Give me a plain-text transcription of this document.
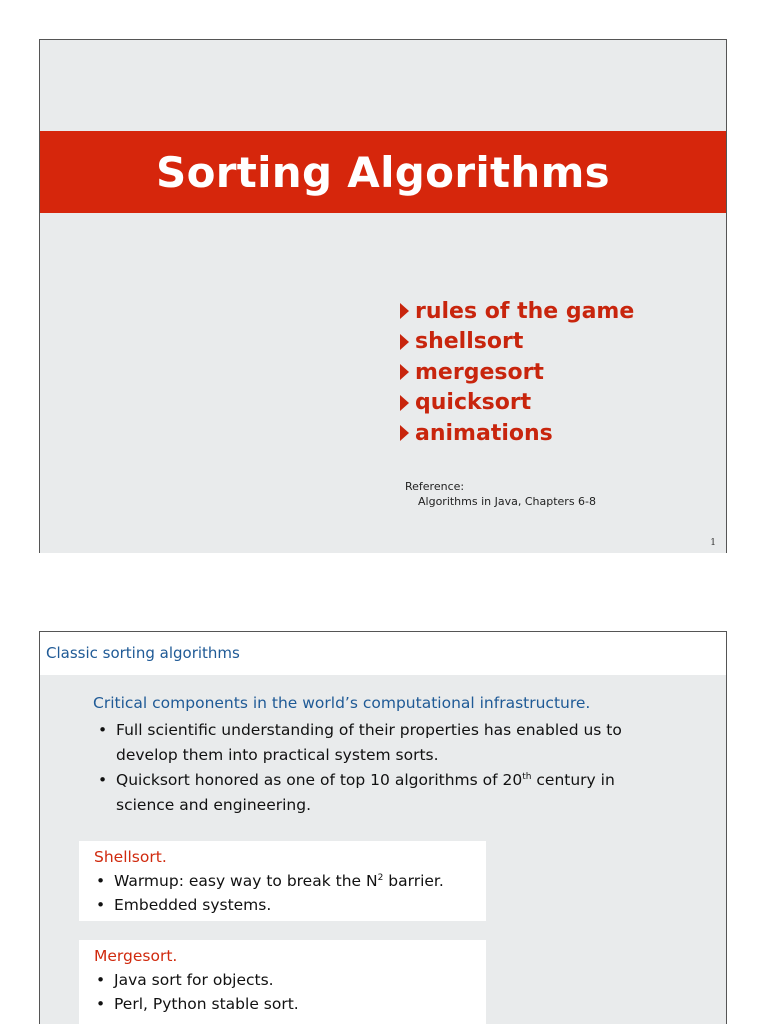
Sorting Algorithms
rules of the game
shellsort
mergesort
quicksort
animations
Reference:
Algorithms in Java, Chapters 6-8
1
Classic sorting algorithms
Critical components in the world’s computational infrastructure.
• Full scientific understanding of their properties has enabled us to develop them into practical system sorts.
• Quicksort honored as one of top 10 algorithms of 20th century in science and engineering.
Shellsort.
• Warmup: easy way to break the $N^2$ barrier.
• Embedded systems.
Mergesort.
• Java sort for objects.
• Perl, Python stable sort.
